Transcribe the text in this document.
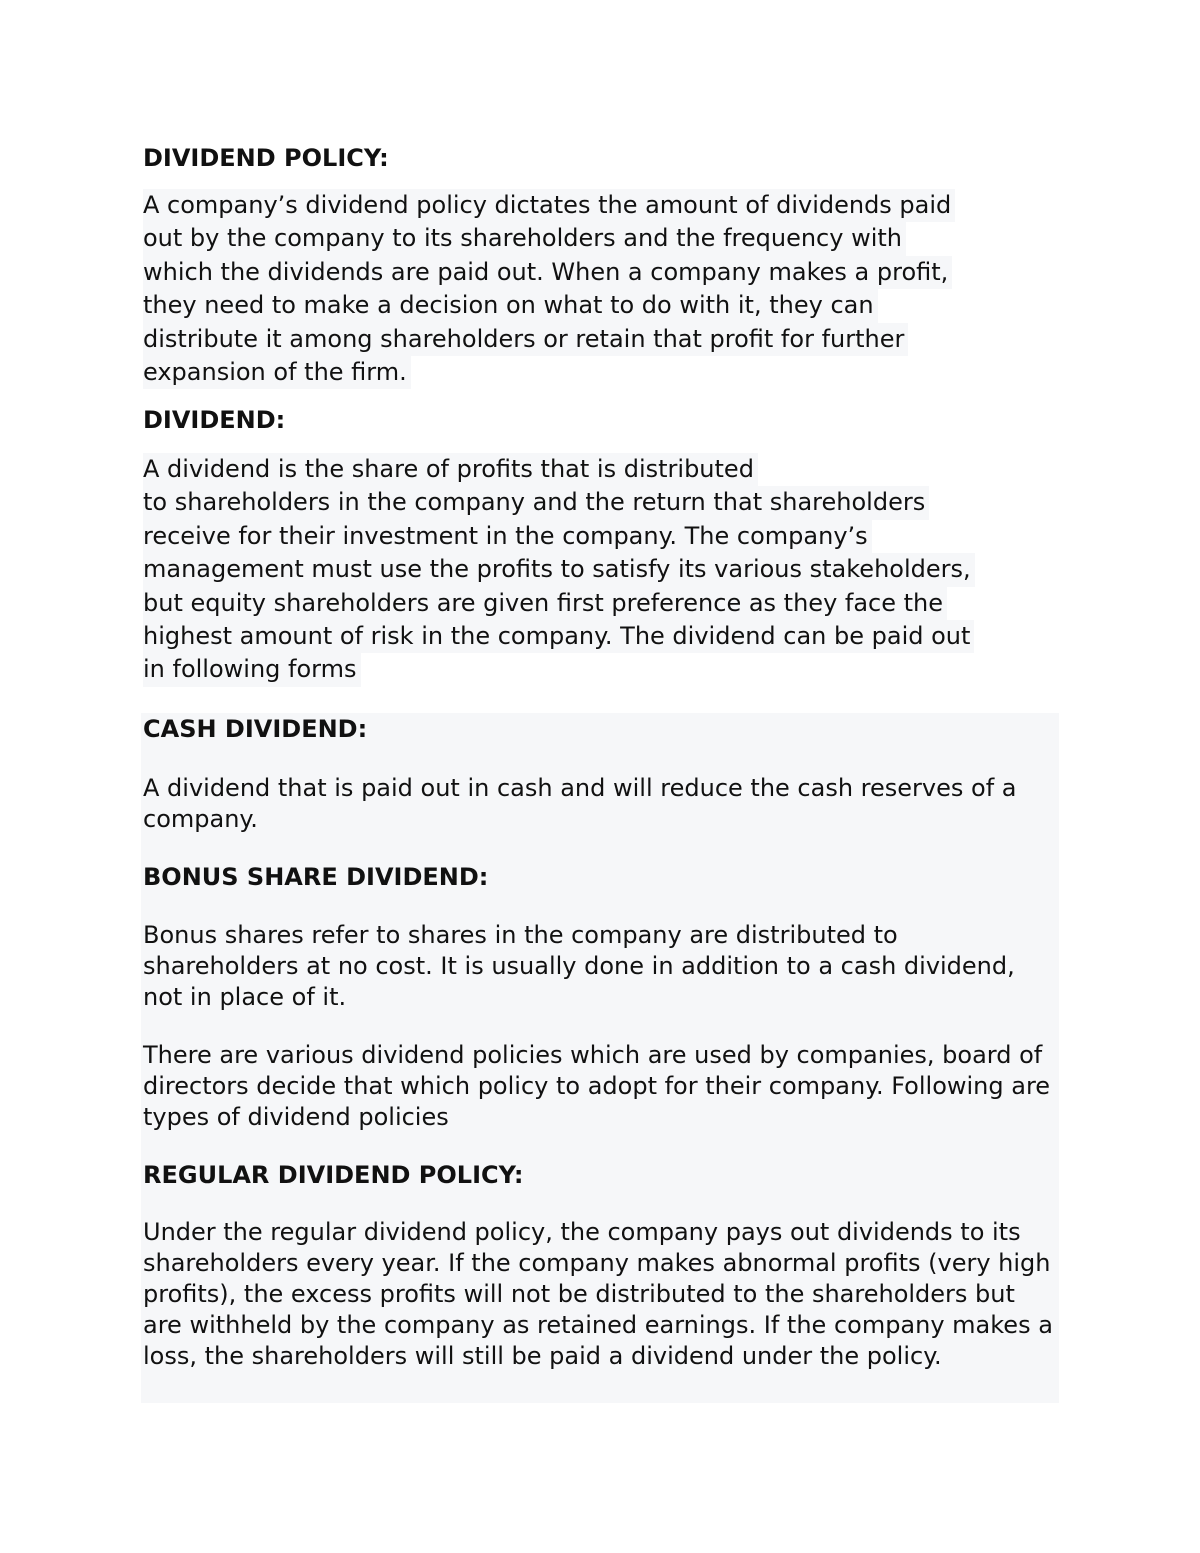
DIVIDEND POLICY:
A company’s dividend policy dictates the amount of dividends paid
out by the company to its shareholders and the frequency with
which the dividends are paid out. When a company makes a profit,
they need to make a decision on what to do with it, they can
distribute it among shareholders or retain that profit for further
expansion of the firm.
DIVIDEND:
A dividend is the share of profits that is distributed
to shareholders in the company and the return that shareholders
receive for their investment in the company. The company’s
management must use the profits to satisfy its various stakeholders,
but equity shareholders are given first preference as they face the
highest amount of risk in the company. The dividend can be paid out
in following forms
CASH DIVIDEND:

A dividend that is paid out in cash and will reduce the cash reserves of a company.

BONUS SHARE DIVIDEND:

Bonus shares refer to shares in the company are distributed to shareholders at no cost. It is usually done in addition to a cash dividend, not in place of it.

There are various dividend policies which are used by companies, board of directors decide that which policy to adopt for their company. Following are types of dividend policies

REGULAR DIVIDEND POLICY:

Under the regular dividend policy, the company pays out dividends to its shareholders every year. If the company makes abnormal profits (very high profits), the excess profits will not be distributed to the shareholders but are withheld by the company as retained earnings. If the company makes a loss, the shareholders will still be paid a dividend under the policy.
